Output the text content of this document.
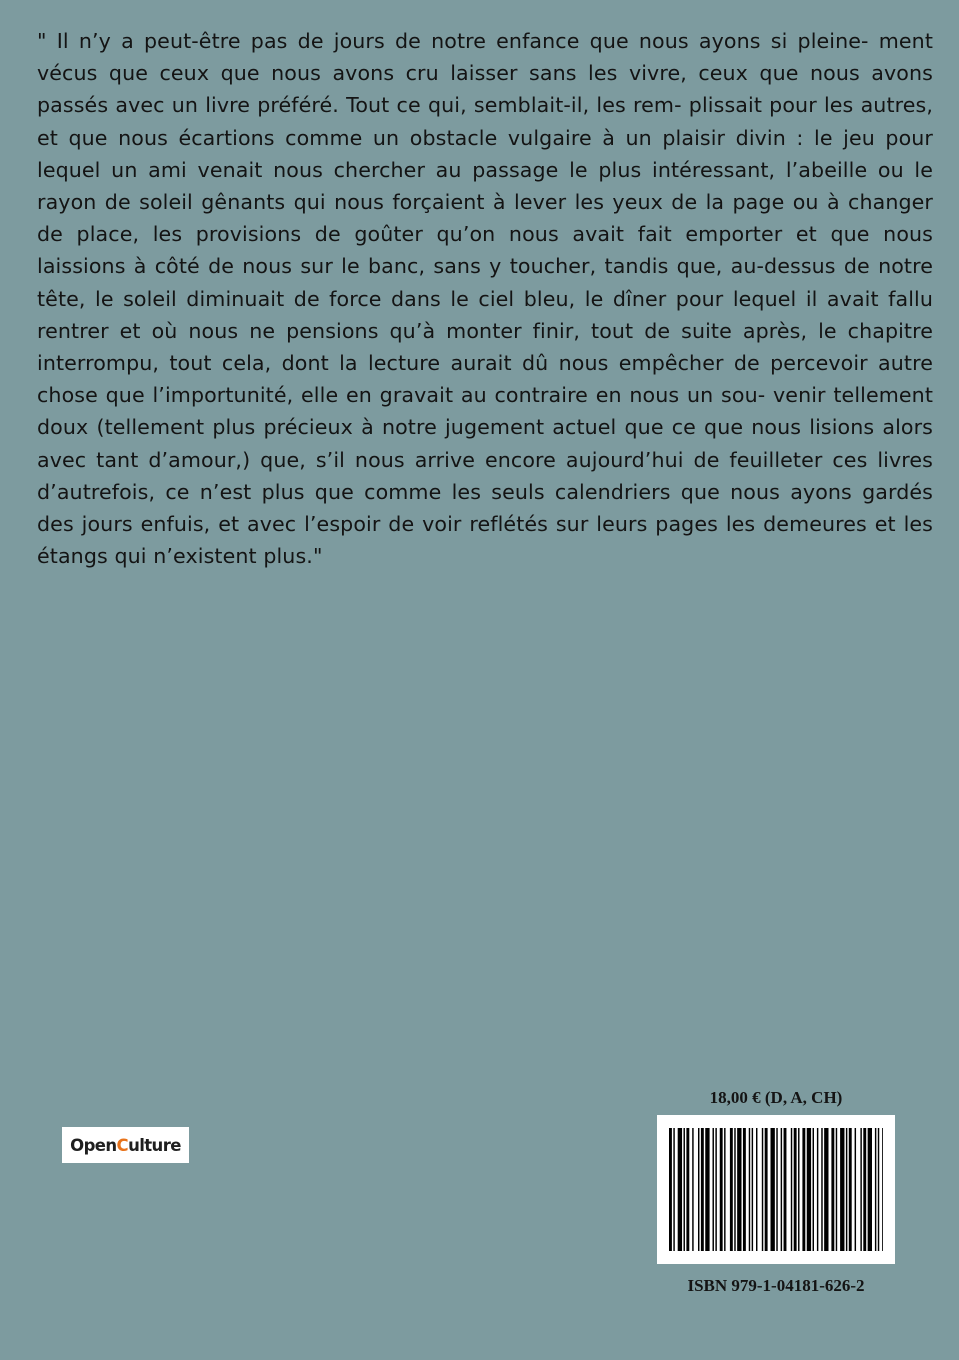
" Il n’y a peut-être pas de jours de notre enfance que nous ayons si pleine- ment vécus que ceux que nous avons cru laisser sans les vivre, ceux que nous avons passés avec un livre préféré. Tout ce qui, semblait-il, les rem- plissait pour les autres, et que nous écartions comme un obstacle vulgaire à un plaisir divin : le jeu pour lequel un ami venait nous chercher au passage le plus intéressant, l’abeille ou le rayon de soleil gênants qui nous forçaient à lever les yeux de la page ou à changer de place, les provisions de goûter qu’on nous avait fait emporter et que nous laissions à côté de nous sur le banc, sans y toucher, tandis que, au-dessus de notre tête, le soleil diminuait de force dans le ciel bleu, le dîner pour lequel il avait fallu rentrer et où nous ne pensions qu’à monter finir, tout de suite après, le chapitre interrompu, tout cela, dont la lecture aurait dû nous empêcher de percevoir autre chose que l’importunité, elle en gravait au contraire en nous un sou- venir tellement doux (tellement plus précieux à notre jugement actuel que ce que nous lisions alors avec tant d’amour,) que, s’il nous arrive encore aujourd’hui de feuilleter ces livres d’autrefois, ce n’est plus que comme les seuls calendriers que nous ayons gardés des jours enfuis, et avec l’espoir de voir reflétés sur leurs pages les demeures et les étangs qui n’existent plus."

Open C ulture
18,00 € (D, A, CH)
ISBN 979-1-04181-626-2
